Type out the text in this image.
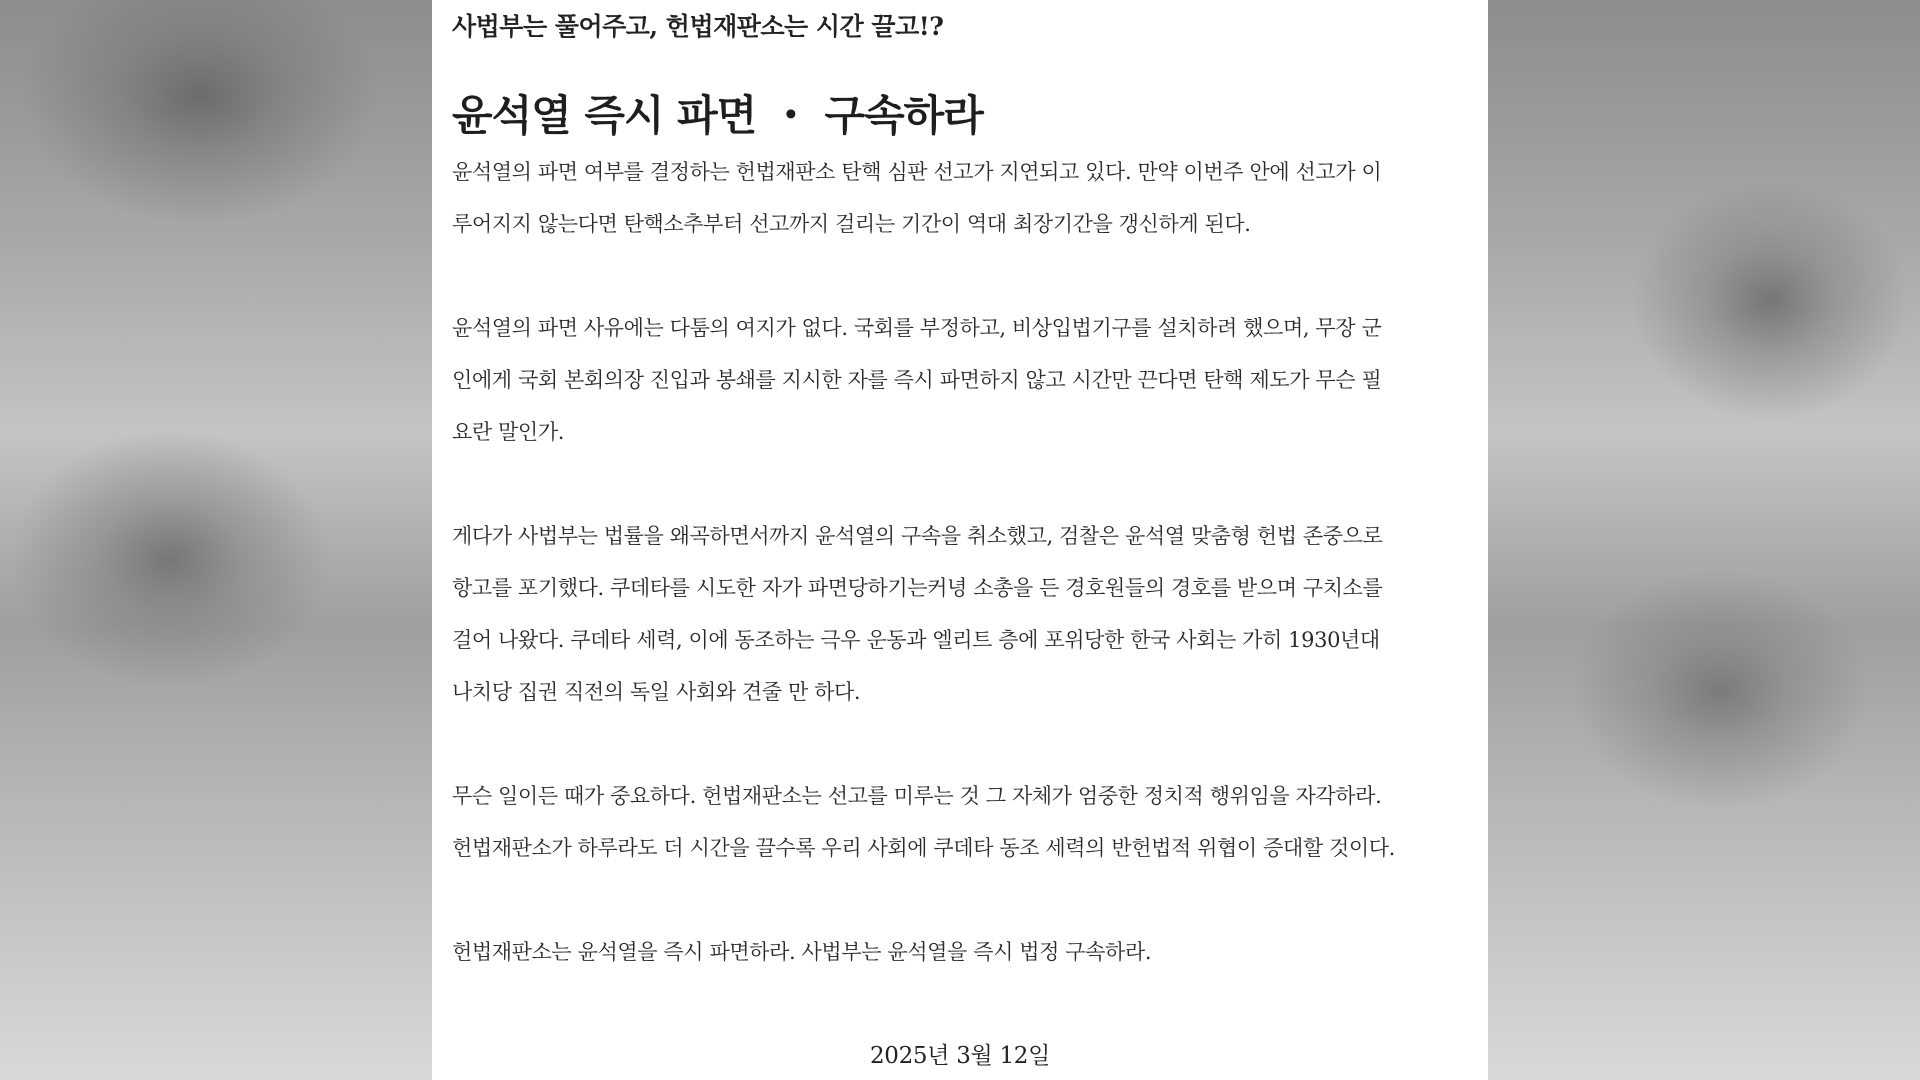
사법부는 풀어주고, 헌법재판소는 시간 끌고!?
윤석열 즉시 파면 ・ 구속하라

윤석열의 파면 여부를 결정하는 헌법재판소 탄핵 심판 선고가 지연되고 있다. 만약 이번주 안에 선고가 이
루어지지 않는다면 탄핵소추부터 선고까지 걸리는 기간이 역대 최장기간을 갱신하게 된다.

윤석열의 파면 사유에는 다툼의 여지가 없다. 국회를 부정하고, 비상입법기구를 설치하려 했으며, 무장 군
인에게 국회 본회의장 진입과 봉쇄를 지시한 자를 즉시 파면하지 않고 시간만 끈다면 탄핵 제도가 무슨 필
요란 말인가.

게다가 사법부는 법률을 왜곡하면서까지 윤석열의 구속을 취소했고, 검찰은 윤석열 맞춤형 헌법 존중으로
항고를 포기했다. 쿠데타를 시도한 자가 파면당하기는커녕 소총을 든 경호원들의 경호를 받으며 구치소를
걸어 나왔다. 쿠데타 세력, 이에 동조하는 극우 운동과 엘리트 층에 포위당한 한국 사회는 가히 1930년대
나치당 집권 직전의 독일 사회와 견줄 만 하다.

무슨 일이든 때가 중요하다. 헌법재판소는 선고를 미루는 것 그 자체가 엄중한 정치적 행위임을 자각하라.
헌법재판소가 하루라도 더 시간을 끌수록 우리 사회에 쿠데타 동조 세력의 반헌법적 위협이 증대할 것이다.

헌법재판소는 윤석열을 즉시 파면하라. 사법부는 윤석열을 즉시 법정 구속하라.

2025년 3월 12일
